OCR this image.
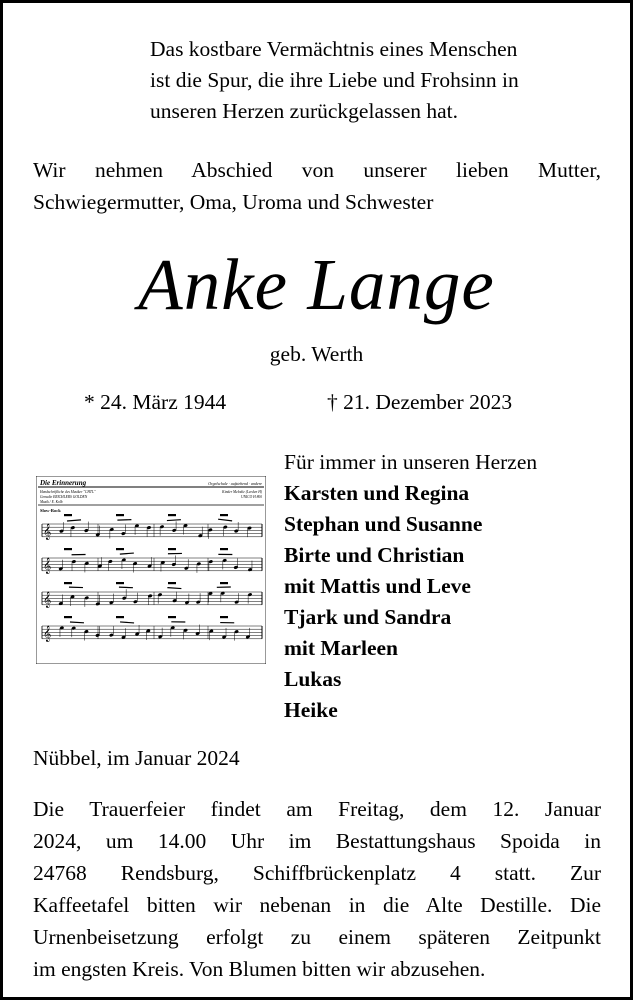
Das kostbare Vermächtnis eines Menschen
ist die Spur, die ihre Liebe und Frohsinn in
unseren Herzen zurückgelassen hat.
Wir nehmen Abschied von unserer lieben Mutter,
Schwiegermutter, Oma, Uroma und Schwester
Anke Lange
geb. Werth
* 24. März 1944	† 21. Dezember 2023
Die Erinnerung	Orgelschule · aufstehend · andere
Handschriftliche des Musiker "CHTL"
Gemalte ERICHLERS GOLDEN
Musik / E. Kolb
Kinder Melodie (Leeden H)
UNICO H 800
Slow-Rock
𝄞
𝄞
𝄞
𝄞
Für immer in unseren Herzen
Karsten und Regina
Stephan und Susanne
Birte und Christian
mit Mattis und Leve
Tjark und Sandra
mit Marleen
Lukas
Heike
Nübbel, im Januar 2024
Die Trauerfeier findet am Freitag, dem 12. Januar
2024, um 14.00 Uhr im Bestattungshaus Spoida in
24768 Rendsburg, Schiffbrückenplatz 4 statt. Zur
Kaffeetafel bitten wir nebenan in die Alte Destille. Die
Urnenbeisetzung erfolgt zu einem späteren Zeitpunkt
im engsten Kreis. Von Blumen bitten wir abzusehen.
